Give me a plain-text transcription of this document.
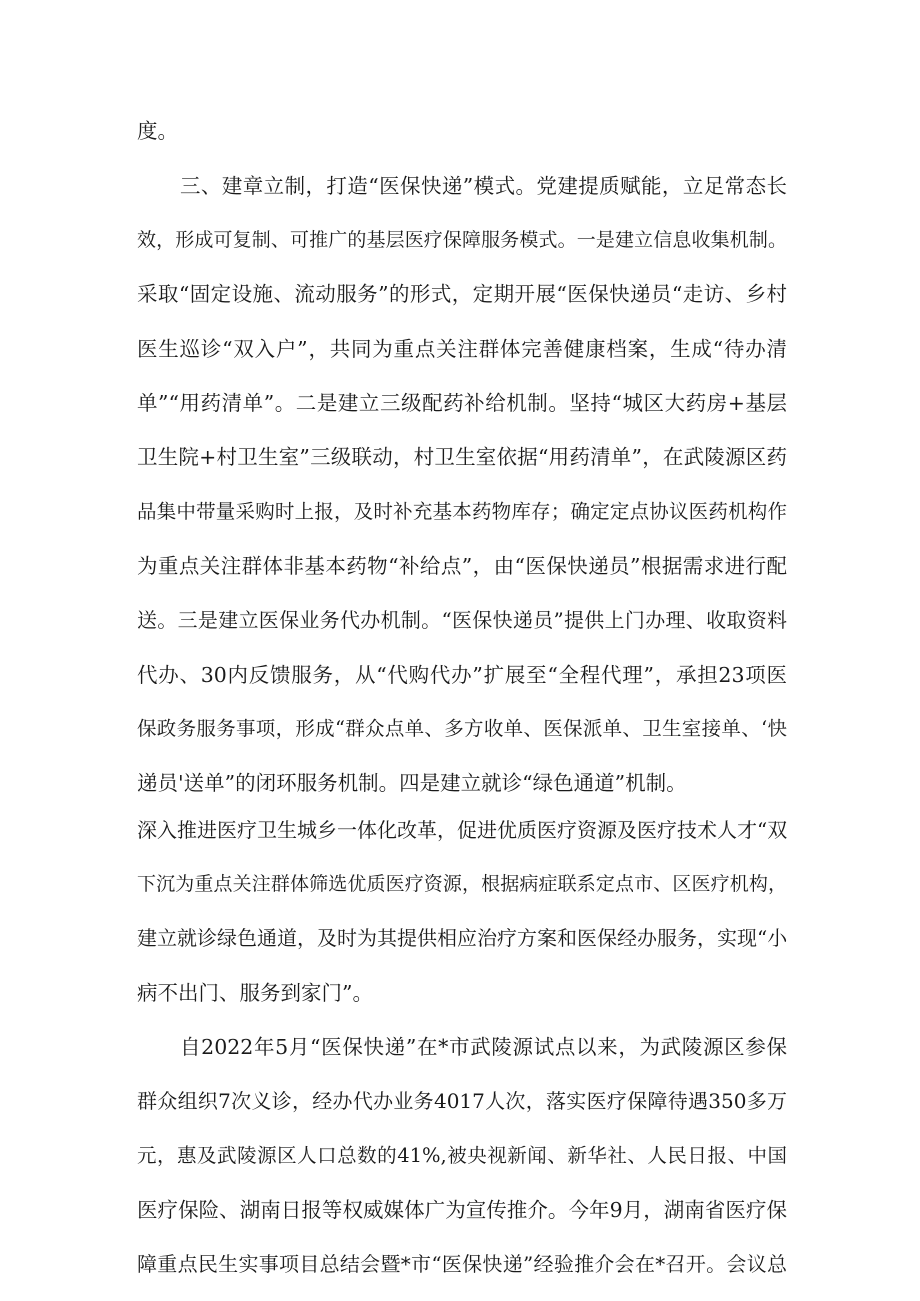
度。
三、建章立制，打造“医保快递”模式。党建提质赋能，立足常态长
效，形成可复制、可推广的基层医疗保障服务模式。一是建立信息收集机制。
采取“固定设施、流动服务”的形式，定期开展“医保快递员“走访、乡村
医生巡诊“双入户”，共同为重点关注群体完善健康档案，生成“待办清
单”“用药清单”。二是建立三级配药补给机制。坚持“城区大药房+基层
卫生院+村卫生室”三级联动，村卫生室依据“用药清单”，在武陵源区药
品集中带量采购时上报，及时补充基本药物库存；确定定点协议医药机构作
为重点关注群体非基本药物“补给点”，由“医保快递员”根据需求进行配
送。三是建立医保业务代办机制。“医保快递员”提供上门办理、收取资料
代办、30内反馈服务，从“代购代办”扩展至“全程代理”，承担23项医
保政务服务事项，形成“群众点单、多方收单、医保派单、卫生室接单、‘快
递员'送单”的闭环服务机制。四是建立就诊“绿色通道”机制。
深入推进医疗卫生城乡一体化改革，促进优质医疗资源及医疗技术人才“双
下沉为重点关注群体筛选优质医疗资源，根据病症联系定点市、区医疗机构，
建立就诊绿色通道，及时为其提供相应治疗方案和医保经办服务，实现“小
病不出门、服务到家门”。
自2022年5月“医保快递”在*市武陵源试点以来，为武陵源区参保
群众组织7次义诊，经办代办业务4017人次，落实医疗保障待遇350多万
元，惠及武陵源区人口总数的41%,被央视新闻、新华社、人民日报、中国
医疗保险、湖南日报等权威媒体广为宣传推介。今年9月，湖南省医疗保
障重点民生实事项目总结会暨*市“医保快递”经验推介会在*召开。会议总
